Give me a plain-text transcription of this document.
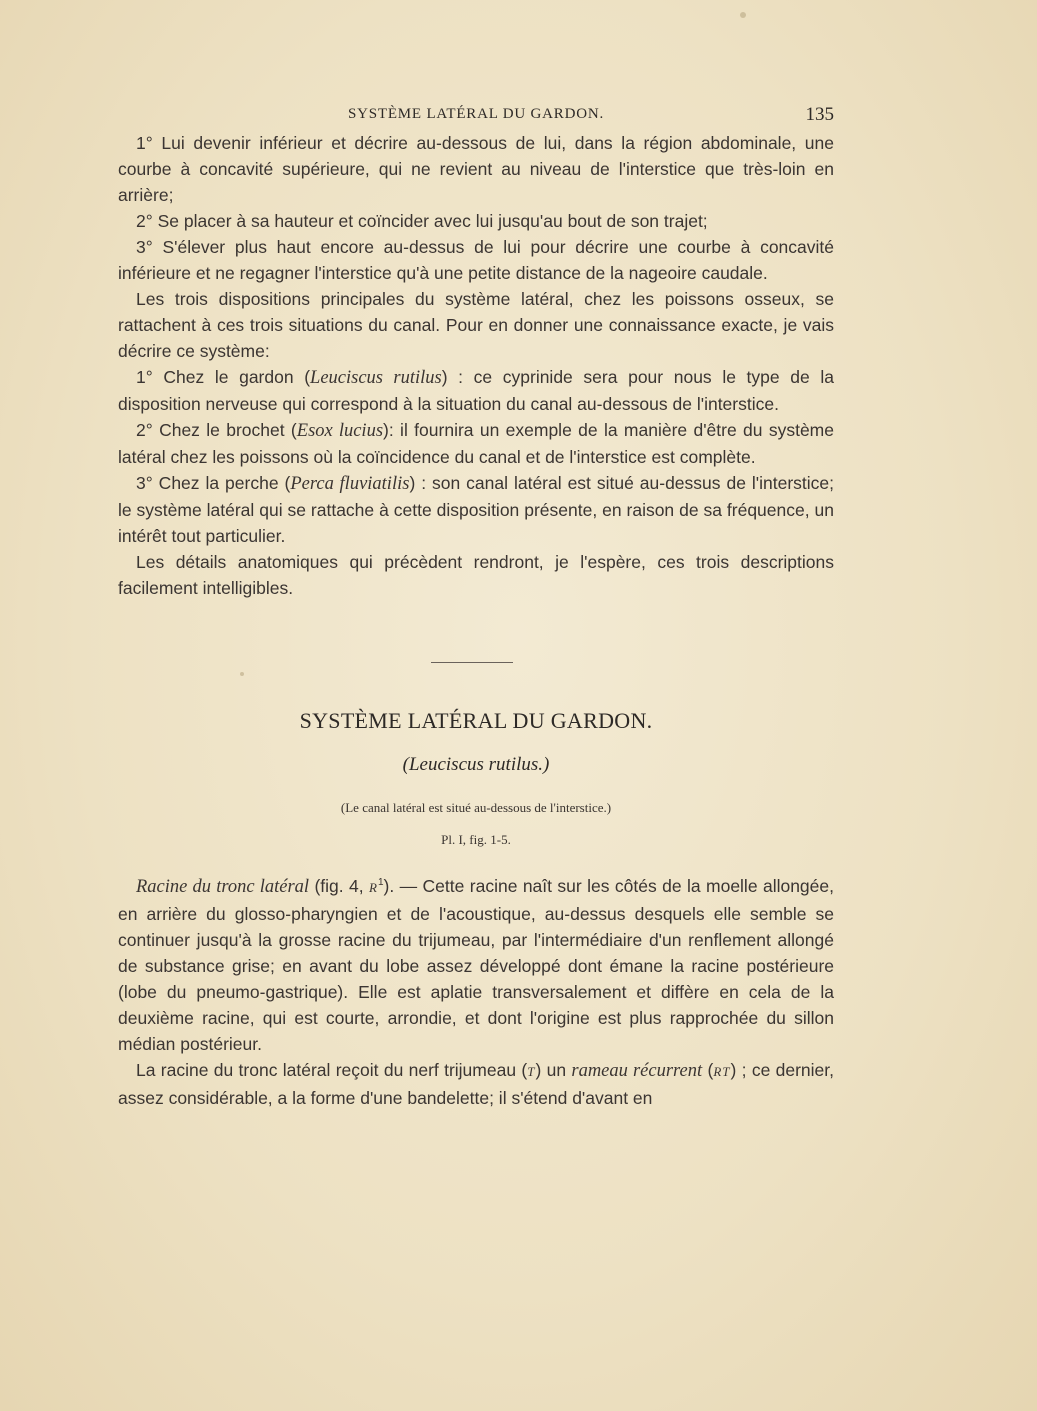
SYSTÈME LATÉRAL DU GARDON.	135

1° Lui devenir inférieur et décrire au-dessous de lui, dans la région abdominale, une courbe à concavité supérieure, qui ne revient au niveau de l'interstice que très-loin en arrière;

2° Se placer à sa hauteur et coïncider avec lui jusqu'au bout de son trajet;

3° S'élever plus haut encore au-dessus de lui pour décrire une courbe à concavité inférieure et ne regagner l'interstice qu'à une petite distance de la nageoire caudale.

Les trois dispositions principales du système latéral, chez les poissons osseux, se rattachent à ces trois situations du canal. Pour en donner une connaissance exacte, je vais décrire ce système:

1° Chez le gardon (Leuciscus rutilus) : ce cyprinide sera pour nous le type de la disposition nerveuse qui correspond à la situation du canal au-dessous de l'interstice.

2° Chez le brochet (Esox lucius): il fournira un exemple de la manière d'être du système latéral chez les poissons où la coïncidence du canal et de l'interstice est complète.

3° Chez la perche (Perca fluviatilis) : son canal latéral est situé au-dessus de l'interstice; le système latéral qui se rattache à cette disposition présente, en raison de sa fréquence, un intérêt tout particulier.

Les détails anatomiques qui précèdent rendront, je l'espère, ces trois descriptions facilement intelligibles.

SYSTÈME LATÉRAL DU GARDON.
(Leuciscus rutilus.)
(Le canal latéral est situé au-dessous de l'interstice.)
Pl. I, fig. 1-5.

Racine du tronc latéral (fig. 4, $R^1$). — Cette racine naît sur les côtés de la moelle allongée, en arrière du glosso-pharyngien et de l'acoustique, au-dessus desquels elle semble se continuer jusqu'à la grosse racine du trijumeau, par l'intermédiaire d'un renflement allongé de substance grise; en avant du lobe assez développé dont émane la racine postérieure (lobe du pneumo-gastrique). Elle est aplatie transversalement et diffère en cela de la deuxième racine, qui est courte, arrondie, et dont l'origine est plus rapprochée du sillon médian postérieur.

La racine du tronc latéral reçoit du nerf trijumeau (T) un rameau récurrent (RT) ; ce dernier, assez considérable, a la forme d'une bandelette; il s'étend d'avant en
